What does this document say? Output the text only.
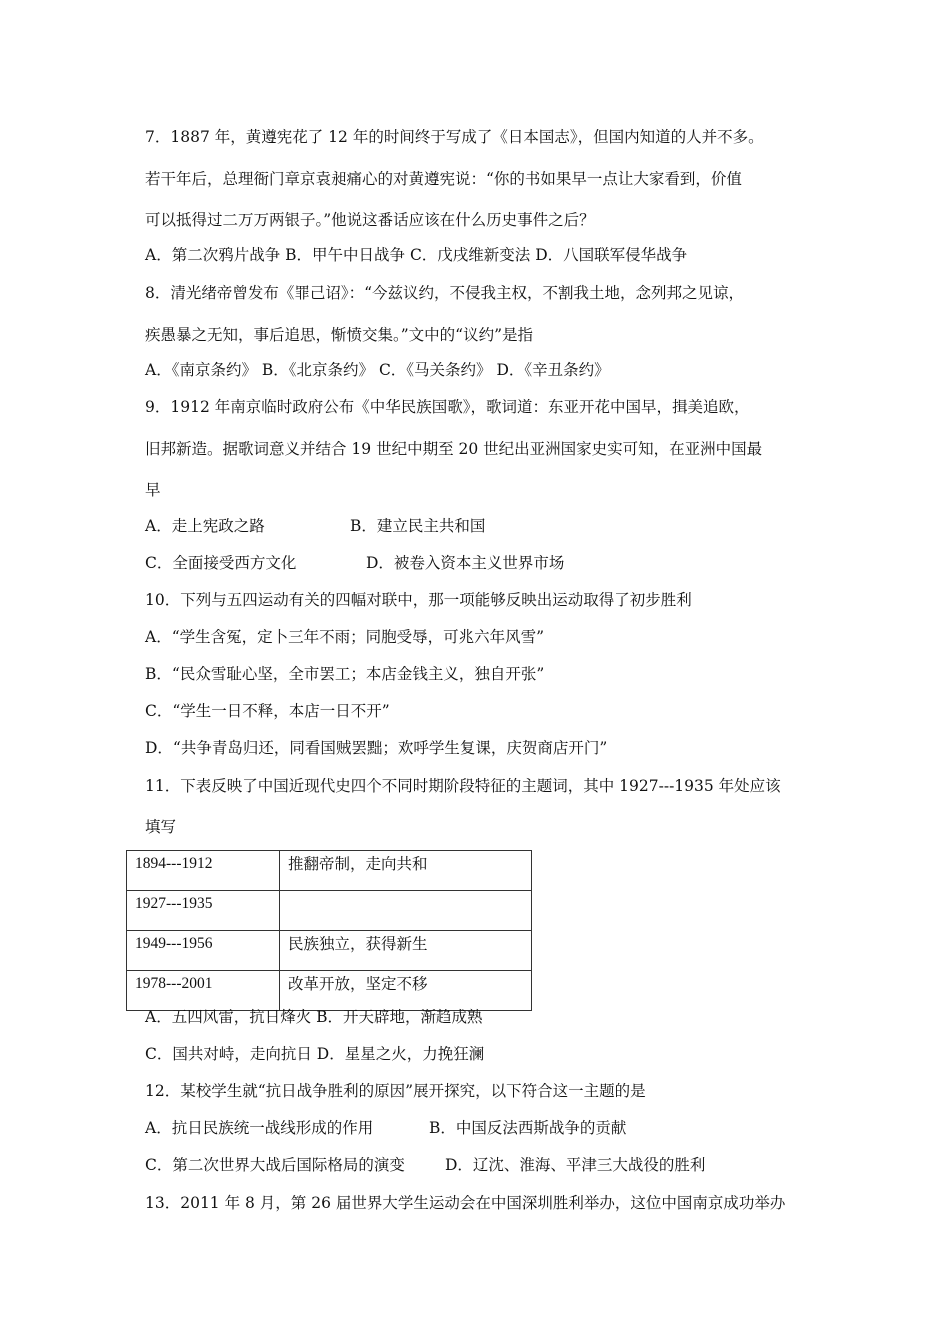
7．1887 年，黄遵宪花了 12 年的时间终于写成了《日本国志》，但国内知道的人并不多。
若干年后，总理衙门章京袁昶痛心的对黄遵宪说：“你的书如果早一点让大家看到，价值
可以抵得过二万万两银子。”他说这番话应该在什么历史事件之后？
A．第二次鸦片战争 B．甲午中日战争 C．戊戌维新变法 D．八国联军侵华战争
8．清光绪帝曾发布《罪己诏》：“今兹议约，不侵我主权，不割我土地，念列邦之见谅，
疾愚暴之无知，事后追思，惭愤交集。”文中的“议约”是指
A．《南京条约》 B．《北京条约》 C．《马关条约》 D．《辛丑条约》
9．1912 年南京临时政府公布《中华民族国歌》，歌词道：东亚开花中国早，揖美追欧，
旧邦新造。据歌词意义并结合 19 世纪中期至 20 世纪出亚洲国家史实可知，在亚洲中国最
早
A．走上宪政之路	B．建立民主共和国
C．全面接受西方文化	D．被卷入资本主义世界市场
10．下列与五四运动有关的四幅对联中，那一项能够反映出运动取得了初步胜利
A．“学生含冤，定卜三年不雨；同胞受辱，可兆六年风雪”
B．“民众雪耻心坚，全市罢工；本店金钱主义，独自开张”
C．“学生一日不释，本店一日不开”
D．“共争青岛归还，同看国贼罢黜；欢呼学生复课，庆贺商店开门”
11．下表反映了中国近现代史四个不同时期阶段特征的主题词，其中 1927---1935 年处应该
填写
1894---1912	推翻帝制，走向共和
1927---1935	
1949---1956	民族独立，获得新生
1978---2001	改革开放，坚定不移
A．五四风雷，抗日烽火 B．开天辟地，渐趋成熟
C．国共对峙，走向抗日 D．星星之火，力挽狂澜
12．某校学生就“抗日战争胜利的原因”展开探究，以下符合这一主题的是
A．抗日民族统一战线形成的作用	B．中国反法西斯战争的贡献
C．第二次世界大战后国际格局的演变	D．辽沈、淮海、平津三大战役的胜利
13．2011 年 8 月，第 26 届世界大学生运动会在中国深圳胜利举办，这位中国南京成功举办
